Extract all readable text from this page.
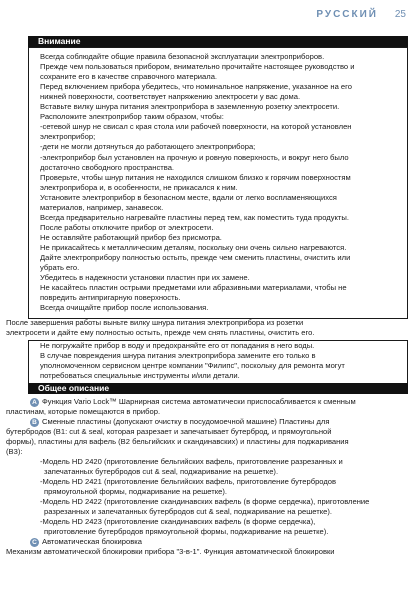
РУССКИЙ 25
Внимание
Всегда соблюдайте общие правила безопасной эксплуатации электроприборов.
Прежде чем пользоваться прибором, внимательно прочитайте настоящее руководство и
сохраните его в качестве справочного материала.
Перед включением прибора убедитесь, что номинальное напряжение, указанное на его
нижней поверхности, соответствует напряжению электросети у вас дома.
Вставьте вилку шнура питания электроприбора в заземленную розетку электросети.
Расположите электроприбор таким образом, чтобы:
-сетевой шнур не свисал с края стола или рабочей поверхности, на которой установлен
электроприбор;
-дети не могли дотянуться до работающего электроприбора;
-электроприбор был установлен на прочную и ровную поверхность, и вокруг него было
достаточно свободного пространства.
Проверьте, чтобы шнур питания не находился слишком близко к горячим поверхностям
электроприбора и, в особенности, не прикасался к ним.
Установите электроприбор в безопасном месте, вдали от легко воспламеняющихся
материалов, например, занавесок.
Всегда предварительно нагревайте пластины перед тем, как поместить туда продукты.
После работы отключите прибор от электросети.
Не оставляйте работающий прибор без присмотра.
Не прикасайтесь к металлическим деталям, поскольку они очень сильно нагреваются.
Дайте электроприбору полностью остыть, прежде чем сменить пластины, очистить или
убрать его.
Убедитесь в надежности установки пластин при их замене.
Не касайтесь пластин острыми предметами или абразивными материалами, чтобы не
повредить антипригарную поверхность.
Всегда очищайте прибор после использования.
После завершения работы выньте вилку шнура питания электроприбора из розетки
электросети и дайте ему полностью остыть, прежде чем снять пластины, очистить его.
Не погружайте прибор в воду и предохраняйте его от попадания в него воды.
В случае повреждения шнура питания электроприбора замените его только в
уполномоченном сервисном центре компании "Филипс", поскольку для ремонта могут
потребоваться специальные инструменты и/или детали.
Общее описание
A Функция Vario Lock™ Шарнирная система автоматически приспосабливается к сменным
пластинам, которые помещаются в прибор.
B Сменные пластины (допускают очистку в посудомоечной машине) Пластины для
бутербродов (B1: cut & seal, которая разрезает и запечатывает бутерброд, и прямоугольной
формы), пластины для вафель (B2 бельгийских и скандинавских) и пластины для поджаривания
(B3):
-Модель HD 2420 (приготовление бельгийских вафель, приготовление разрезанных и
запечатанных бутербродов cut & seal, поджаривание на решетке).
-Модель HD 2421 (приготовление бельгийских вафель, приготовление бутербродов
прямоугольной формы, поджаривание на решетке).
-Модель HD 2422 (приготовление скандинавских вафель (в форме сердечка), приготовление
разрезанных и запечатанных бутербродов cut & seal, поджаривание на решетке).
-Модель HD 2423 (приготовление скандинавских вафель (в форме сердечка),
приготовление бутербродов прямоугольной формы, поджаривание на решетке).
C Автоматическая блокировка
Механизм автоматической блокировки прибора "3-в-1". Функция автоматической блокировки
